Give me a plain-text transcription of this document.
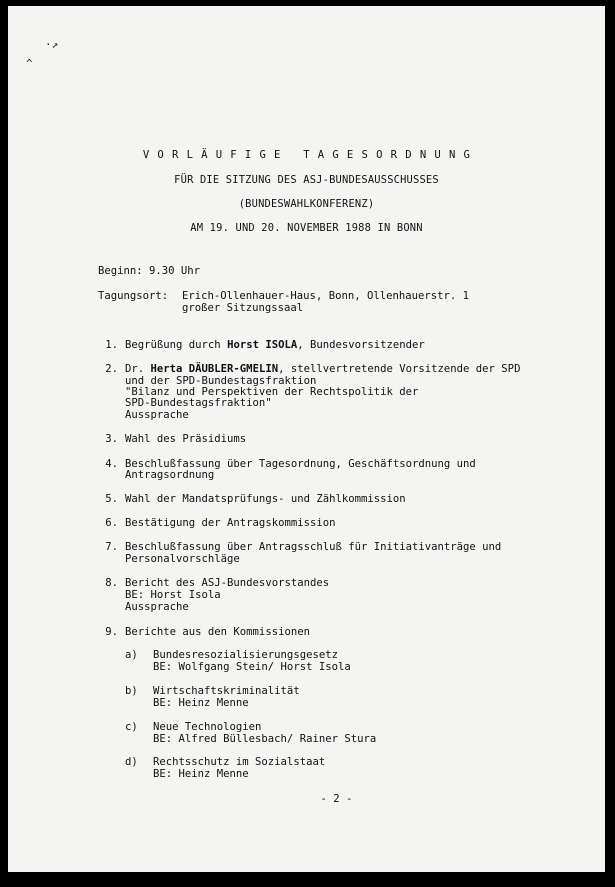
·↗
^
VORLÄUFIGE TAGESORDNUNG
FÜR DIE SITZUNG DES ASJ-BUNDESAUSSCHUSSES
(BUNDESWAHLKONFERENZ)
AM 19. UND 20. NOVEMBER 1988 IN BONN
Beginn: 9.30 Uhr
Tagungsort: Erich-Ollenhauer-Haus, Bonn, Ollenhauerstr. 1
großer Sitzungssaal
1. Begrüßung durch Horst ISOLA, Bundesvorsitzender
2. Dr. Herta DÄUBLER-GMELIN, stellvertretende Vorsitzende der SPD
und der SPD-Bundestagsfraktion
"Bilanz und Perspektiven der Rechtspolitik der
SPD-Bundestagsfraktion"
Aussprache
3. Wahl des Präsidiums
4. Beschlußfassung über Tagesordnung, Geschäftsordnung und
Antragsordnung
5. Wahl der Mandatsprüfungs- und Zählkommission
6. Bestätigung der Antragskommission
7. Beschlußfassung über Antragsschluß für Initiativanträge und
Personalvorschläge
8. Bericht des ASJ-Bundesvorstandes
BE: Horst Isola
Aussprache
9. Berichte aus den Kommissionen
a) Bundesresozialisierungsgesetz
BE: Wolfgang Stein/ Horst Isola
b) Wirtschaftskriminalität
BE: Heinz Menne
c) Neue Technologien
BE: Alfred Büllesbach/ Rainer Stura
d) Rechtsschutz im Sozialstaat
BE: Heinz Menne
- 2 -
